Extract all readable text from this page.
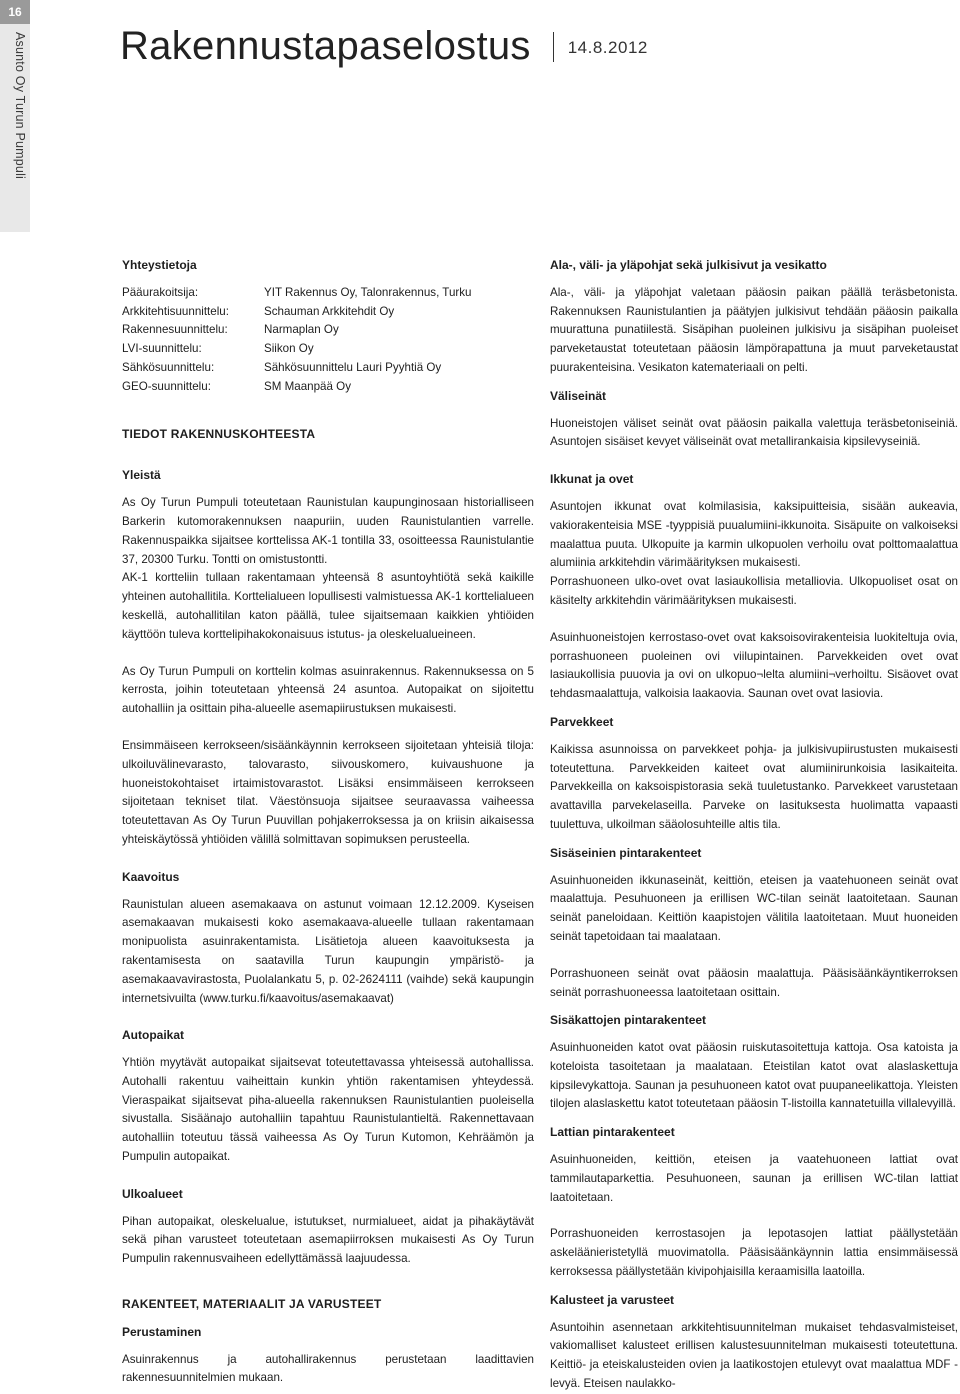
16
Asunto Oy Turun Pumpuli Rakennustapaselostus 14.8.2012
Yhteystietoja
Pääurakoitsija:	YIT Rakennus Oy, Talonrakennus, Turku
Arkkitehtisuunnittelu:	Schauman Arkkitehdit Oy
Rakennesuunnittelu:	Narmaplan Oy
LVI-suunnittelu:	Siikon Oy
Sähkösuunnittelu:	Sähkösuunnittelu Lauri Pyyhtiä Oy
GEO-suunnittelu:	SM Maanpää Oy
TIEDOT RAKENNUSKOHTEESTA
Yleistä

As Oy Turun Pumpuli toteutetaan Raunistulan kaupunginosaan historialliseen Barkerin kutomorakennuksen naapuriin, uuden Raunistulantien varrelle. Rakennuspaikka sijaitsee korttelissa AK-1 tontilla 33, osoitteessa Raunistulantie 37, 20300 Turku. Tontti on omistustontti.

AK-1 kortteliin tullaan rakentamaan yhteensä 8 asuntoyhtiötä sekä kaikille yhteinen autohallitila. Korttelialueen lopullisesti valmistuessa AK-1 korttelialueen keskellä, autohallitilan katon päällä, tulee sijaitsemaan kaikkien yhtiöiden käyttöön tuleva korttelipihakokonaisuus istutus- ja oleskelualueineen.

As Oy Turun Pumpuli on korttelin kolmas asuinrakennus. Rakennuksessa on 5 kerrosta, joihin toteutetaan yhteensä 24 asuntoa. Autopaikat on sijoitettu autohalliin ja osittain piha-alueelle asemapiirustuksen mukaisesti.

Ensimmäiseen kerrokseen/sisäänkäynnin kerrokseen sijoitetaan yhteisiä tiloja: ulkoiluvälinevarasto, talovarasto, siivouskomero, kuivaushuone ja huoneistokohtaiset irtaimistovarastot. Lisäksi ensimmäiseen kerrokseen sijoitetaan tekniset tilat. Väestönsuoja sijaitsee seuraavassa vaiheessa toteutettavan As Oy Turun Puuvillan pohjakerroksessa ja on kriisin aikaisessa yhteiskäytössä yhtiöiden välillä solmittavan sopimuksen perusteella.

Kaavoitus

Raunistulan alueen asemakaava on astunut voimaan 12.12.2009. Kyseisen asemakaavan mukaisesti koko asemakaava-alueelle tullaan rakentamaan monipuolista asuinrakentamista. Lisätietoja alueen kaavoituksesta ja rakentamisesta on saatavilla Turun kaupungin ympäristö- ja asemakaavavirastosta, Puolalankatu 5, p. 02-2624111 (vaihde) sekä kaupungin internetsivuilta (www.turku.fi/kaavoitus/asemakaavat)

Autopaikat

Yhtiön myytävät autopaikat sijaitsevat toteutettavassa yhteisessä autohallissa. Autohalli rakentuu vaiheittain kunkin yhtiön rakentamisen yhteydessä. Vieraspaikat sijaitsevat piha-alueella rakennuksen Raunistulantien puoleisella sivustalla. Sisäänajo autohalliin tapahtuu Raunistulantieltä. Rakennettavaan autohalliin toteutuu tässä vaiheessa As Oy Turun Kutomon, Kehräämön ja Pumpulin autopaikat.

Ulkoalueet

Pihan autopaikat, oleskelualue, istutukset, nurmialueet, aidat ja pihakäytävät sekä pihan varusteet toteutetaan asemapiirroksen mukaisesti As Oy Turun Pumpulin rakennusvaiheen edellyttämässä laajuudessa.

RAKENTEET, MATERIAALIT JA VARUSTEET
Perustaminen

Asuinrakennus ja autohallirakennus perustetaan laadittavien rakennesuunnitelmien mukaan.

Ala-, väli- ja yläpohjat sekä julkisivut ja vesikatto

Ala-, väli- ja yläpohjat valetaan pääosin paikan päällä teräsbetonista. Rakennuksen Raunistulantien ja päätyjen julkisivut tehdään pääosin paikalla muurattuna punatiilestä. Sisäpihan puoleinen julkisivu ja sisäpihan puoleiset parveketaustat toteutetaan pääosin lämpörapattuna ja muut parveketaustat puurakenteisina. Vesikaton katemateriaali on pelti.

Väliseinät

Huoneistojen väliset seinät ovat pääosin paikalla valettuja teräsbetoniseiniä. Asuntojen sisäiset kevyet väliseinät ovat metallirankaisia kipsilevyseiniä.

Ikkunat ja ovet

Asuntojen ikkunat ovat kolmilasisia, kaksipuitteisia, sisään aukeavia, vakiorakenteisia MSE -tyyppisiä puualumiini-ikkunoita. Sisäpuite on valkoiseksi maalattua puuta. Ulkopuite ja karmin ulkopuolen verhoilu ovat polttomaalattua alumiinia arkkitehdin värimäärityksen mukaisesti.

Porrashuoneen ulko-ovet ovat lasiaukollisia metalliovia. Ulkopuoliset osat on käsitelty arkkitehdin värimäärityksen mukaisesti.

Asuinhuoneistojen kerrostaso-ovet ovat kaksoisovirakenteisia luokiteltuja ovia, porrashuoneen puoleinen ovi viilupintainen. Parvekkeiden ovet ovat lasiaukollisia puuovia ja ovi on ulkopuo¬lelta alumiini¬verhoiltu. Sisäovet ovat tehdasmaalattuja, valkoisia laakaovia. Saunan ovet ovat lasiovia.

Parvekkeet

Kaikissa asunnoissa on parvekkeet pohja- ja julkisivupiirustusten mukaisesti toteutettuna. Parvekkeiden kaiteet ovat alumiinirunkoisia lasikaiteita. Parvekkeilla on kaksoispistorasia sekä tuuletustanko. Parvekkeet varustetaan avattavilla parvekelaseilla. Parveke on lasituksesta huolimatta vapaasti tuulettuva, ulkoilman sääolosuhteille altis tila.

Sisäseinien pintarakenteet

Asuinhuoneiden ikkunaseinät, keittiön, eteisen ja vaatehuoneen seinät ovat maalattuja. Pesuhuoneen ja erillisen WC-tilan seinät laatoitetaan. Saunan seinät paneloidaan. Keittiön kaapistojen välitila laatoitetaan. Muut huoneiden seinät tapetoidaan tai maalataan.

Porrashuoneen seinät ovat pääosin maalattuja. Pääsisäänkäyntikerroksen seinät porrashuoneessa laatoitetaan osittain.

Sisäkattojen pintarakenteet

Asuinhuoneiden katot ovat pääosin ruiskutasoitettuja kattoja. Osa katoista ja koteloista tasoitetaan ja maalataan. Eteistilan katot ovat alaslaskettuja kipsilevykattoja. Saunan ja pesuhuoneen katot ovat puupaneelikattoja. Yleisten tilojen alaslaskettu katot toteutetaan pääosin T-listoilla kannatetuilla villalevyillä.

Lattian pintarakenteet

Asuinhuoneiden, keittiön, eteisen ja vaatehuoneen lattiat ovat tammilautaparkettia. Pesuhuoneen, saunan ja erillisen WC-tilan lattiat laatoitetaan.

Porrashuoneiden kerrostasojen ja lepotasojen lattiat päällystetään askeläänieristetyllä muovimatolla. Pääsisäänkäynnin lattia ensimmäisessä kerroksessa päällystetään kivipohjaisilla keraamisilla laatoilla.

Kalusteet ja varusteet

Asuntoihin asennetaan arkkitehtisuunnitelman mukaiset tehdasvalmisteiset, vakiomalliset kalusteet erillisen kalustesuunnitelman mukaisesti toteutettuna. Keittiö- ja eteiskalusteiden ovien ja laatikostojen etulevyt ovat maalattua MDF -levyä. Eteisen naulakko-
